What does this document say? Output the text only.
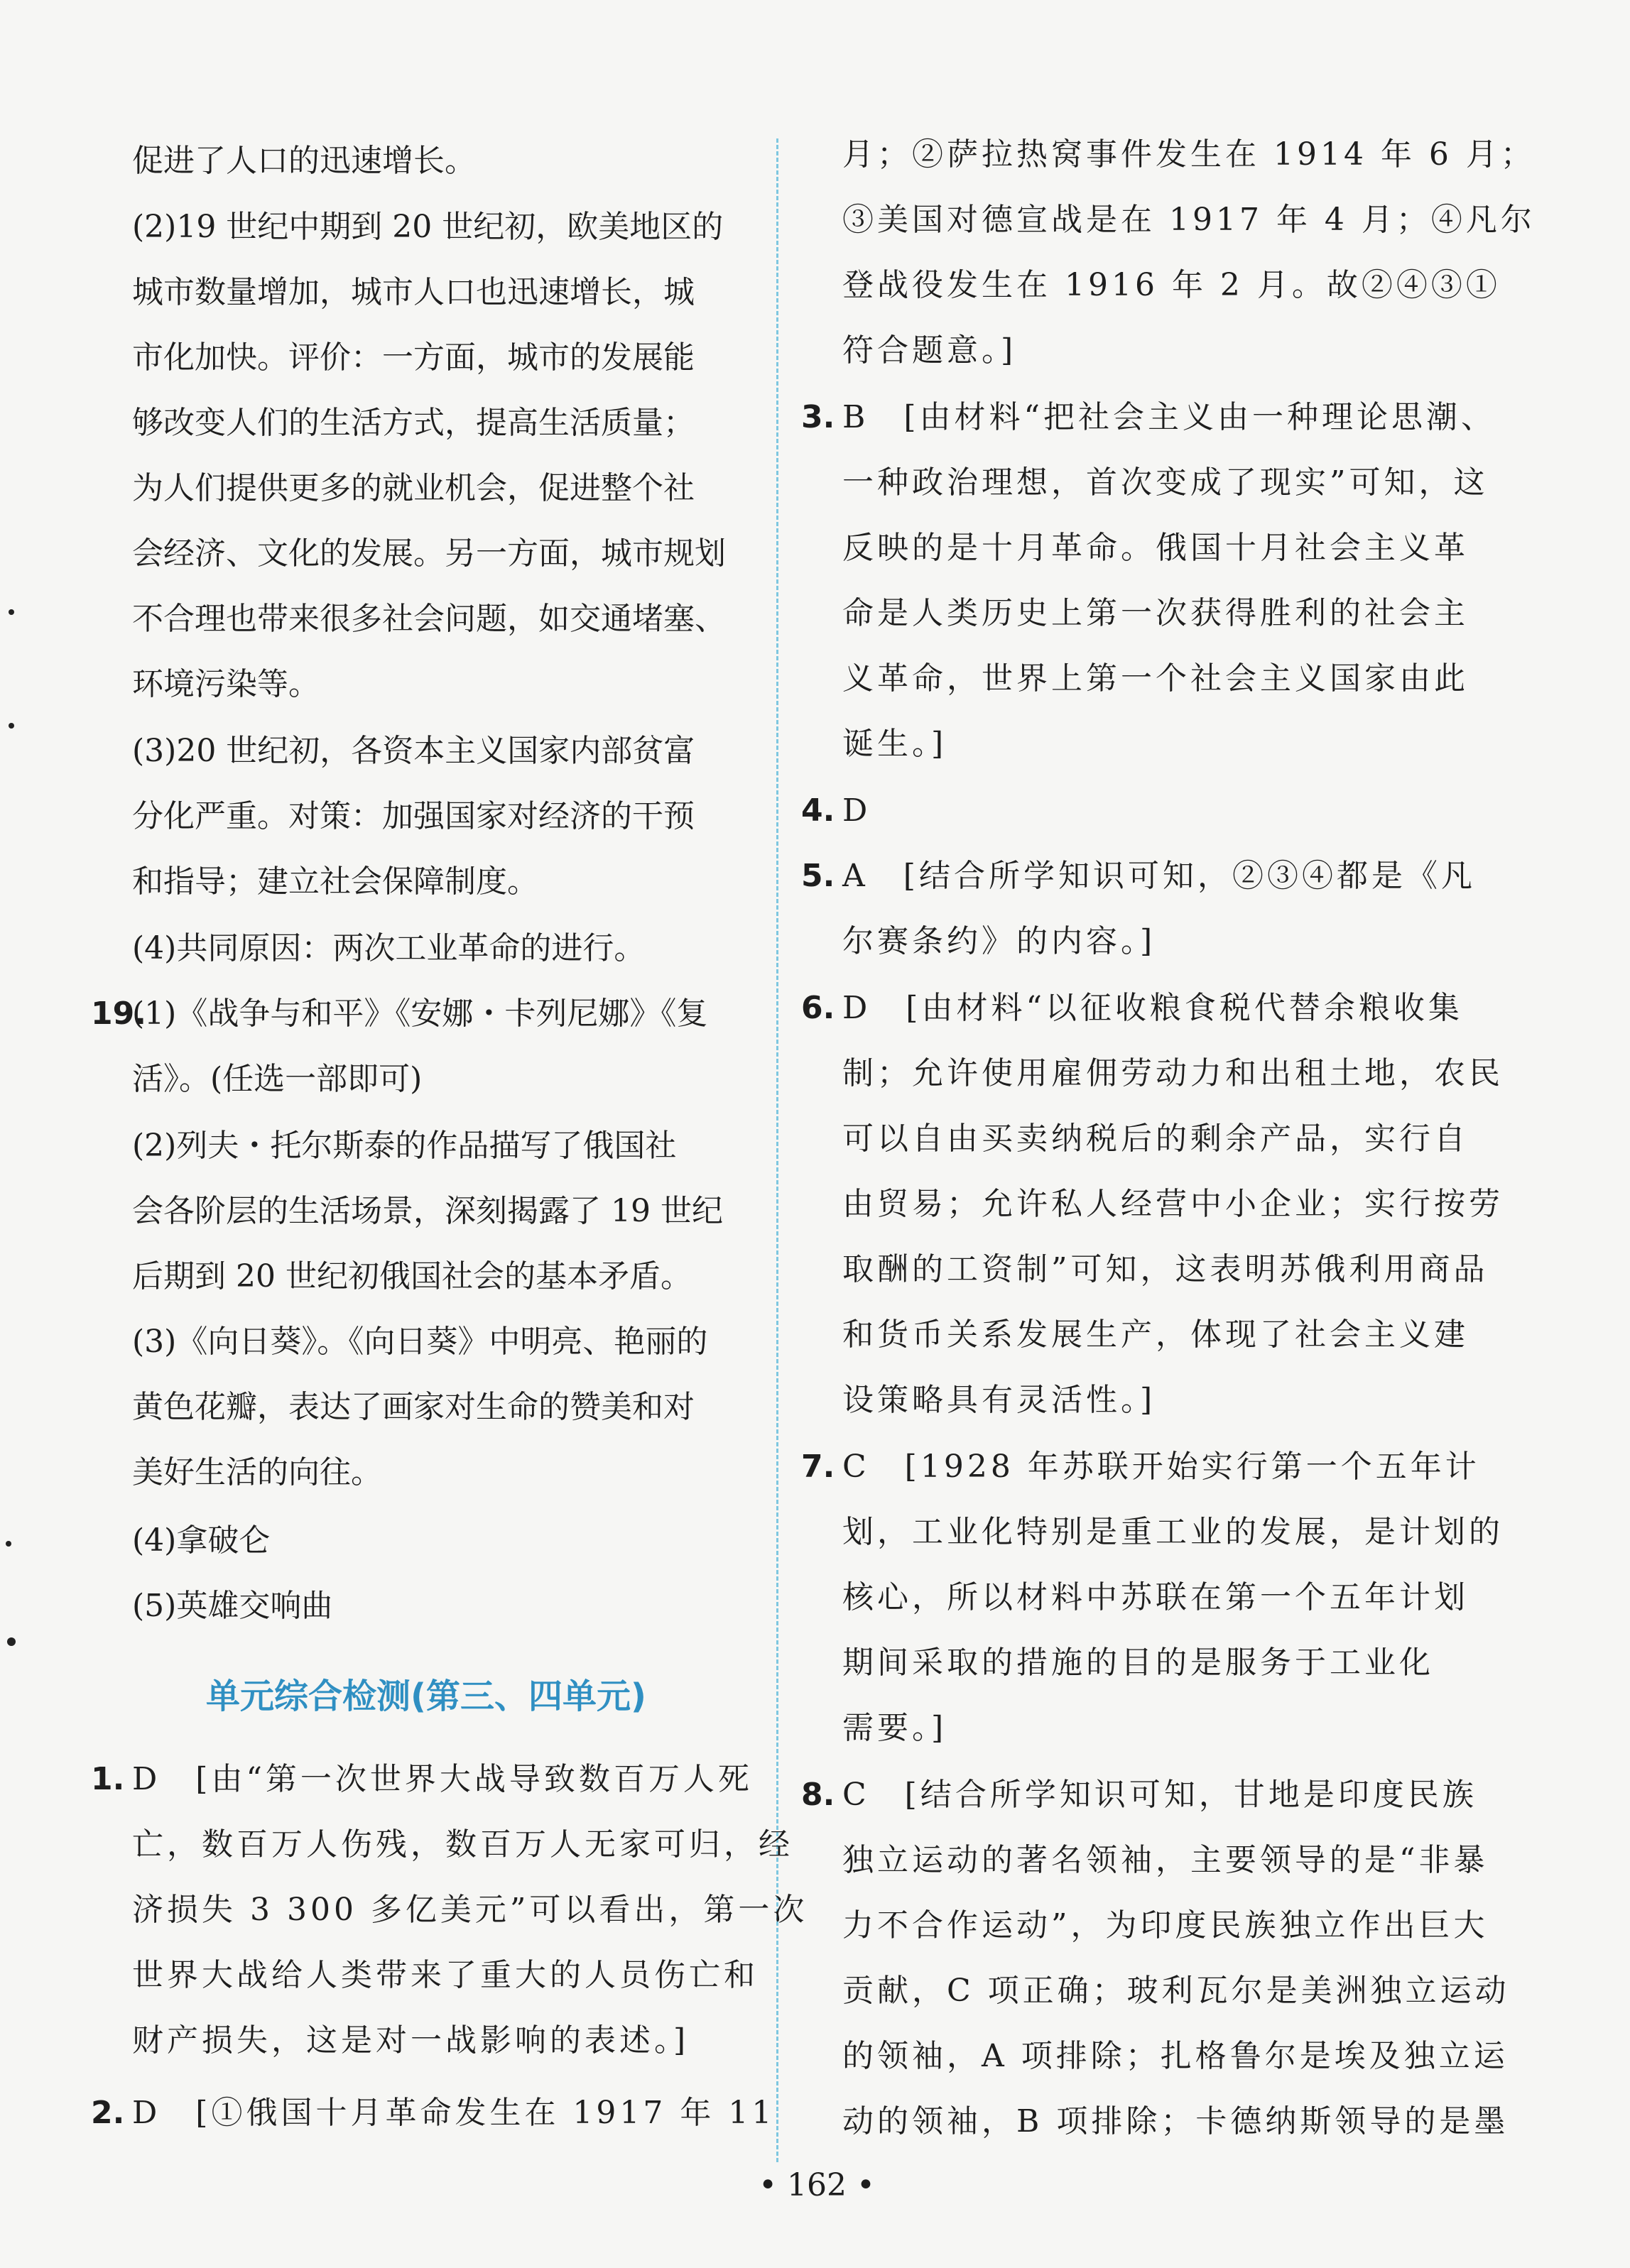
促进了人口的迅速增长。
(2)19 世纪中期到 20 世纪初，欧美地区的
城市数量增加，城市人口也迅速增长，城
市化加快。评价：一方面，城市的发展能
够改变人们的生活方式，提高生活质量；
为人们提供更多的就业机会，促进整个社
会经济、文化的发展。另一方面，城市规划
不合理也带来很多社会问题，如交通堵塞、
环境污染等。
(3)20 世纪初，各资本主义国家内部贫富
分化严重。对策：加强国家对经济的干预
和指导；建立社会保障制度。
(4)共同原因：两次工业革命的进行。
19.
(1)《战争与和平》《安娜・卡列尼娜》《复
活》。(任选一部即可)
(2)列夫・托尔斯泰的作品描写了俄国社
会各阶层的生活场景，深刻揭露了 19 世纪
后期到 20 世纪初俄国社会的基本矛盾。
(3)《向日葵》。《向日葵》中明亮、艳丽的
黄色花瓣，表达了画家对生命的赞美和对
美好生活的向往。
(4)拿破仑
(5)英雄交响曲
1. D　[由“第一次世界大战导致数百万人死
亡，数百万人伤残，数百万人无家可归，经
济损失 3 300 多亿美元”可以看出，第一次
世界大战给人类带来了重大的人员伤亡和
财产损失，这是对一战影响的表述。]
2. D　[①俄国十月革命发生在 1917 年 11
单元综合检测(第三、四单元)
月；②萨拉热窝事件发生在 1914 年 6 月；
③美国对德宣战是在 1917 年 4 月；④凡尔
登战役发生在 1916 年 2 月。故②④③①
符合题意。]
3. B　[由材料“把社会主义由一种理论思潮、
一种政治理想，首次变成了现实”可知，这
反映的是十月革命。俄国十月社会主义革
命是人类历史上第一次获得胜利的社会主
义革命，世界上第一个社会主义国家由此
诞生。]
4. D
5. A　[结合所学知识可知，②③④都是《凡
尔赛条约》的内容。]
6. D　[由材料“以征收粮食税代替余粮收集
制；允许使用雇佣劳动力和出租土地，农民
可以自由买卖纳税后的剩余产品，实行自
由贸易；允许私人经营中小企业；实行按劳
取酬的工资制”可知，这表明苏俄利用商品
和货币关系发展生产，体现了社会主义建
设策略具有灵活性。]
7. C　[1928 年苏联开始实行第一个五年计
划，工业化特别是重工业的发展，是计划的
核心，所以材料中苏联在第一个五年计划
期间采取的措施的目的是服务于工业化
需要。]
8. C　[结合所学知识可知，甘地是印度民族
独立运动的著名领袖，主要领导的是“非暴
力不合作运动”，为印度民族独立作出巨大
贡献，C 项正确；玻利瓦尔是美洲独立运动
的领袖，A 项排除；扎格鲁尔是埃及独立运
动的领袖，B 项排除；卡德纳斯领导的是墨
• 162 •
